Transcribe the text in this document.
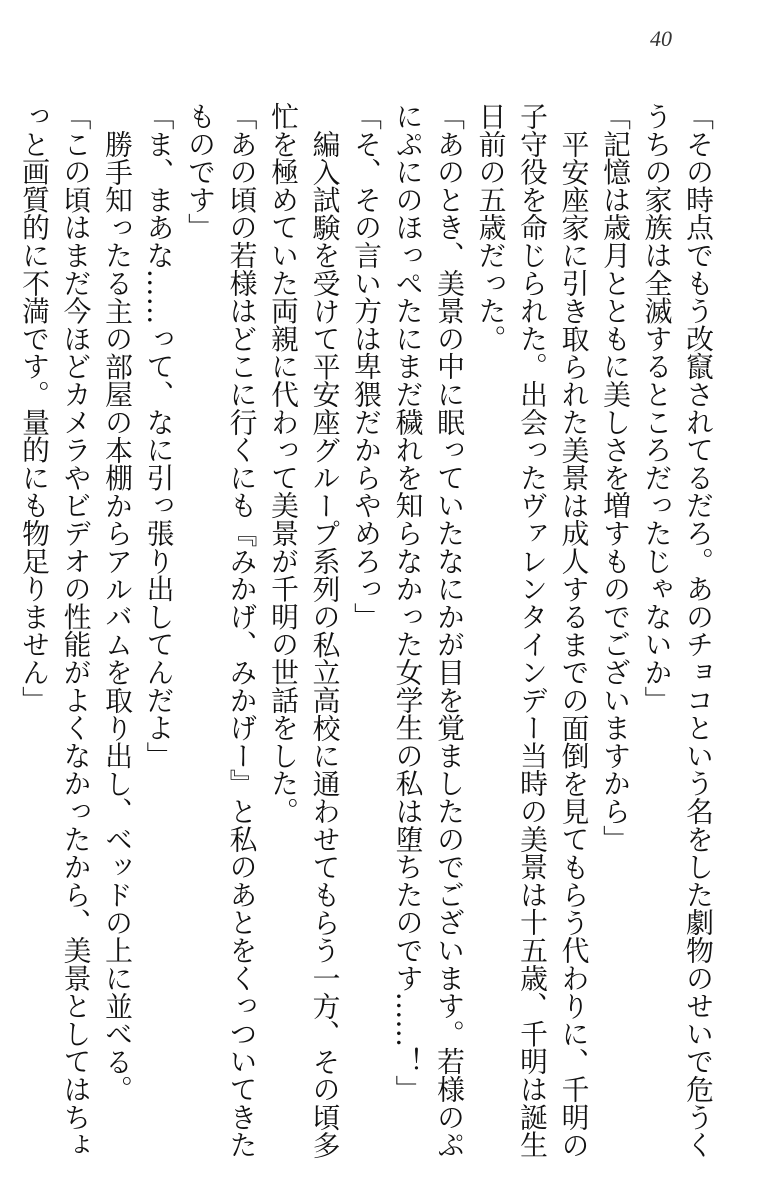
40

「その時点でもう改竄されてるだろ。あのチョコという名をした劇物のせいで危うくうちの家族は全滅するところだったじゃないか」

「記憶は歳月とともに美しさを増すものでございますから」

平安座家に引き取られた美景は成人するまでの面倒を見てもらう代わりに、千明の子守役を命じられた。出会ったヴァレンタインデー当時の美景は十五歳、千明は誕生日前の五歳だった。

「あのとき、美景の中に眠っていたなにかが目を覚ましたのでございます。若様のぷにぷにのほっぺたにまだ穢れを知らなかった女学生の私は堕ちたのです……！」

「そ、その言い方は卑猥だからやめろっ」

編入試験を受けて平安座グループ系列の私立高校に通わせてもらう一方、その頃多忙を極めていた両親に代わって美景が千明の世話をした。

「あの頃の若様はどこに行くにも『みかげ、みかげー』と私のあとをくっついてきたものです」

「ま、まあな……って、なに引っ張り出してんだよ」

勝手知ったる主の部屋の本棚からアルバムを取り出し、ベッドの上に並べる。

「この頃はまだ今ほどカメラやビデオの性能がよくなかったから、美景としてはちょっと画質的に不満です。量的にも物足りません」
